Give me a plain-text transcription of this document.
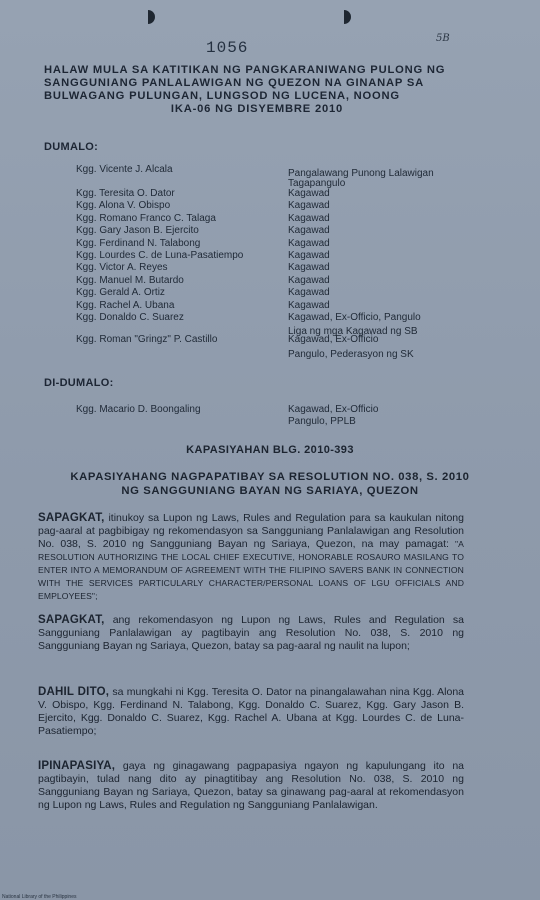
1056
5B
HALAW MULA SA KATITIKAN NG PANGKARANIWANG PULONG NG
SANGGUNIANG PANLALAWIGAN NG QUEZON NA GINANAP SA
BULWAGANG PULUNGAN, LUNGSOD NG LUCENA, NOONG
IKA-06 NG DISYEMBRE 2010
DUMALO:
Kgg. Vicente J. Alcala	Pangalawang Punong Lalawigan
Tagapangulo
Kgg. Teresita O. Dator	Kagawad
Kgg. Alona V. Obispo	Kagawad
Kgg. Romano Franco C. Talaga	Kagawad
Kgg. Gary Jason B. Ejercito	Kagawad
Kgg. Ferdinand N. Talabong	Kagawad
Kgg. Lourdes C. de Luna-Pasatiempo	Kagawad
Kgg. Victor A. Reyes	Kagawad
Kgg. Manuel M. Butardo	Kagawad
Kgg. Gerald A. Ortiz	Kagawad
Kgg. Rachel A. Ubana	Kagawad
Kgg. Donaldo C. Suarez	Kagawad, Ex-Officio, Pangulo
Liga ng mga Kagawad ng SB
Kgg. Roman "Gringz" P. Castillo	Kagawad, Ex-Officio
Pangulo, Pederasyon ng SK
DI-DUMALO:
Kgg. Macario D. Boongaling	Kagawad, Ex-Officio
Pangulo, PPLB
KAPASIYAHAN BLG. 2010-393
KAPASIYAHANG NAGPAPATIBAY SA RESOLUTION NO. 038, S. 2010
NG SANGGUNIANG BAYAN NG SARIAYA, QUEZON
SAPAGKAT, itinukoy sa Lupon ng Laws, Rules and Regulation para sa kaukulan nitong pag-aaral at pagbibigay ng rekomendasyon sa Sangguniang Panlalawigan ang Resolution No. 038, S. 2010 ng Sangguniang Bayan ng Sariaya, Quezon, na may pamagat: "A RESOLUTION AUTHORIZING THE LOCAL CHIEF EXECUTIVE, HONORABLE ROSAURO MASILANG TO ENTER INTO A MEMORANDUM OF AGREEMENT WITH THE FILIPINO SAVERS BANK IN CONNECTION WITH THE SERVICES PARTICULARLY CHARACTER/PERSONAL LOANS OF LGU OFFICIALS AND EMPLOYEES";
SAPAGKAT, ang rekomendasyon ng Lupon ng Laws, Rules and Regulation sa Sangguniang Panlalawigan ay pagtibayin ang Resolution No. 038, S. 2010 ng Sangguniang Bayan ng Sariaya, Quezon, batay sa pag-aaral ng naulit na lupon;
DAHIL DITO, sa mungkahi ni Kgg. Teresita O. Dator na pinangalawahan nina Kgg. Alona V. Obispo, Kgg. Ferdinand N. Talabong, Kgg. Donaldo C. Suarez, Kgg. Gary Jason B. Ejercito, Kgg. Donaldo C. Suarez, Kgg. Rachel A. Ubana at Kgg. Lourdes C. de Luna-Pasatiempo;
IPINAPASIYA, gaya ng ginagawang pagpapasiya ngayon ng kapulungang ito na pagtibayin, tulad nang dito ay pinagtitibay ang Resolution No. 038, S. 2010 ng Sangguniang Bayan ng Sariaya, Quezon, batay sa ginawang pag-aaral at rekomendasyon ng Lupon ng Laws, Rules and Regulation ng Sangguniang Panlalawigan.
National Library of the Philippines
